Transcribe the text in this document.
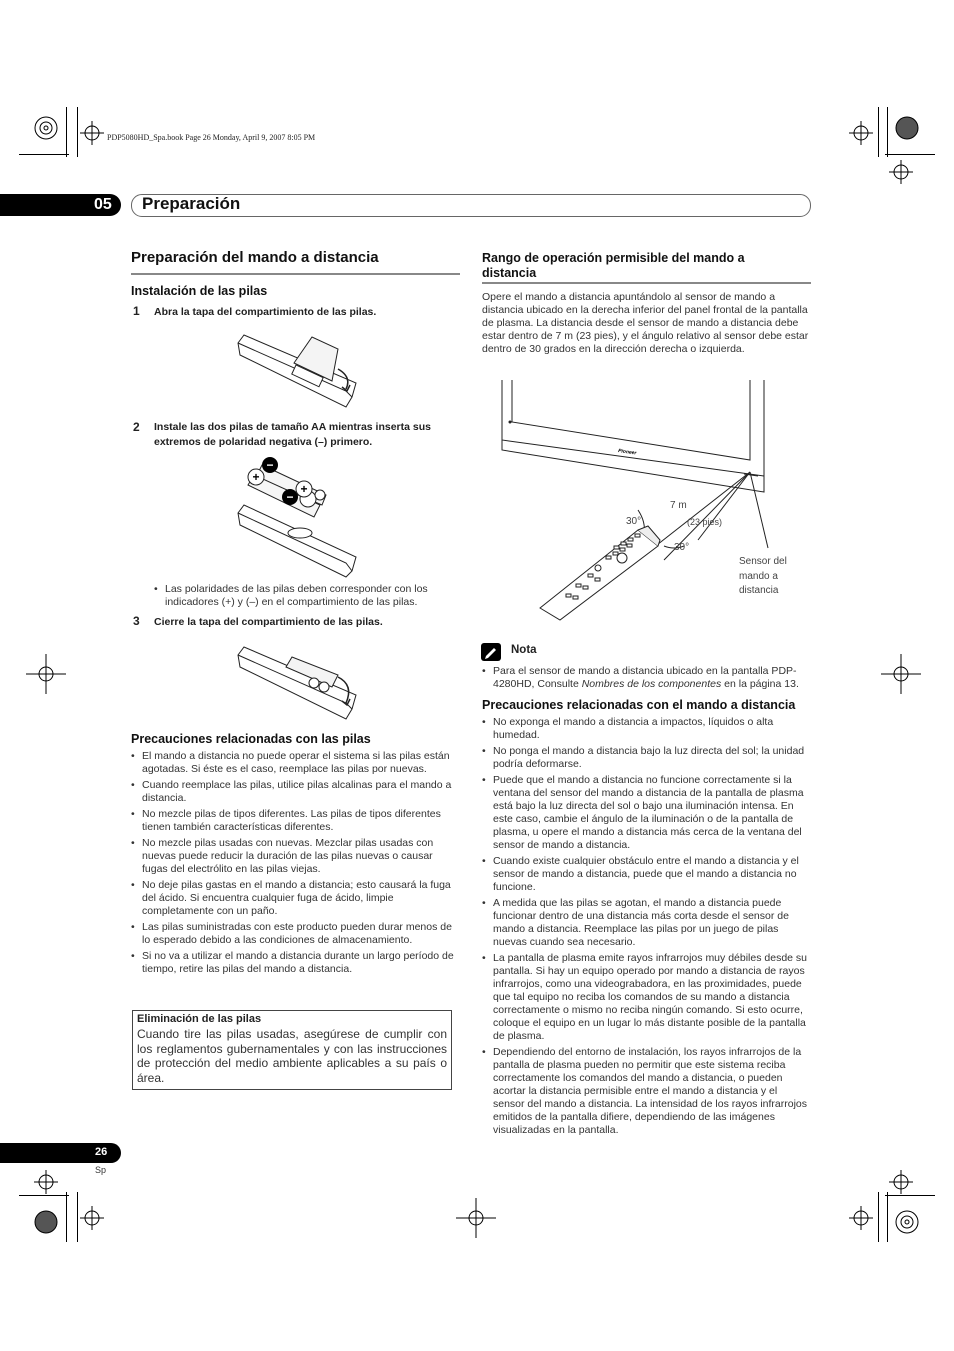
PDP5080HD_Spa.book Page 26 Monday, April 9, 2007 8:05 PM
05 Preparación
Preparación del mando a distancia
Instalación de las pilas
1 Abra la tapa del compartimiento de las pilas.
2 Instale las dos pilas de tamaño AA mientras inserta sus extremos de polaridad negativa (–) primero.
+
−
−
+
• Las polaridades de las pilas deben corresponder con los indicadores (+) y (–) en el compartimiento de las pilas.
3 Cierre la tapa del compartimiento de las pilas.
Precauciones relacionadas con las pilas
• El mando a distancia no puede operar el sistema si las pilas están agotadas. Si éste es el caso, reemplace las pilas por nuevas.
• Cuando reemplace las pilas, utilice pilas alcalinas para el mando a distancia.
• No mezcle pilas de tipos diferentes. Las pilas de tipos diferentes tienen también características diferentes.
• No mezcle pilas usadas con nuevas. Mezclar pilas usadas con nuevas puede reducir la duración de las pilas nuevas o causar fugas del electrólito en las pilas viejas.
• No deje pilas gastas en el mando a distancia; esto causará la fuga del ácido. Si encuentra cualquier fuga de ácido, limpie completamente con un paño.
• Las pilas suministradas con este producto pueden durar menos de lo esperado debido a las condiciones de almacenamiento.
• Si no va a utilizar el mando a distancia durante un largo período de tiempo, retire las pilas del mando a distancia.
Eliminación de las pilas
Cuando tire las pilas usadas, asegúrese de cumplir con los reglamentos gubernamentales y con las instrucciones de protección del medio ambiente aplicables a su país o área.
Rango de operación permisible del mando a distancia
Opere el mando a distancia apuntándolo al sensor de mando a distancia ubicado en la derecha inferior del panel frontal de la pantalla de plasma. La distancia desde el sensor de mando a distancia debe estar dentro de 7 m (23 pies), y el ángulo relativo al sensor debe estar dentro de 30 grados en la dirección derecha o izquierda.
Pioneer
7 m
(23 pies)
30°
30°
Sensor del
mando a
distancia
Nota
• Para el sensor de mando a distancia ubicado en la pantalla PDP-4280HD, Consulte Nombres de los componentes en la página 13.
Precauciones relacionadas con el mando a distancia
• No exponga el mando a distancia a impactos, líquidos o alta humedad.
• No ponga el mando a distancia bajo la luz directa del sol; la unidad podría deformarse.
• Puede que el mando a distancia no funcione correctamente si la ventana del sensor del mando a distancia de la pantalla de plasma está bajo la luz directa del sol o bajo una iluminación intensa. En este caso, cambie el ángulo de la iluminación o de la pantalla de plasma, u opere el mando a distancia más cerca de la ventana del sensor de mando a distancia.
• Cuando existe cualquier obstáculo entre el mando a distancia y el sensor de mando a distancia, puede que el mando a distancia no funcione.
• A medida que las pilas se agotan, el mando a distancia puede funcionar dentro de una distancia más corta desde el sensor de mando a distancia. Reemplace las pilas por un juego de pilas nuevas cuando sea necesario.
• La pantalla de plasma emite rayos infrarrojos muy débiles desde su pantalla. Si hay un equipo operado por mando a distancia de rayos infrarrojos, como una videograbadora, en las proximidades, puede que tal equipo no reciba los comandos de su mando a distancia correctamente o mismo no reciba ningún comando. Si esto ocurre, coloque el equipo en un lugar lo más distante posible de la pantalla de plasma.
• Dependiendo del entorno de instalación, los rayos infrarrojos de la pantalla de plasma pueden no permitir que este sistema reciba correctamente los comandos del mando a distancia, o pueden acortar la distancia permisible entre el mando a distancia y el sensor del mando a distancia. La intensidad de los rayos infrarrojos emitidos de la pantalla difiere, dependiendo de las imágenes visualizadas en la pantalla.
26
Sp
